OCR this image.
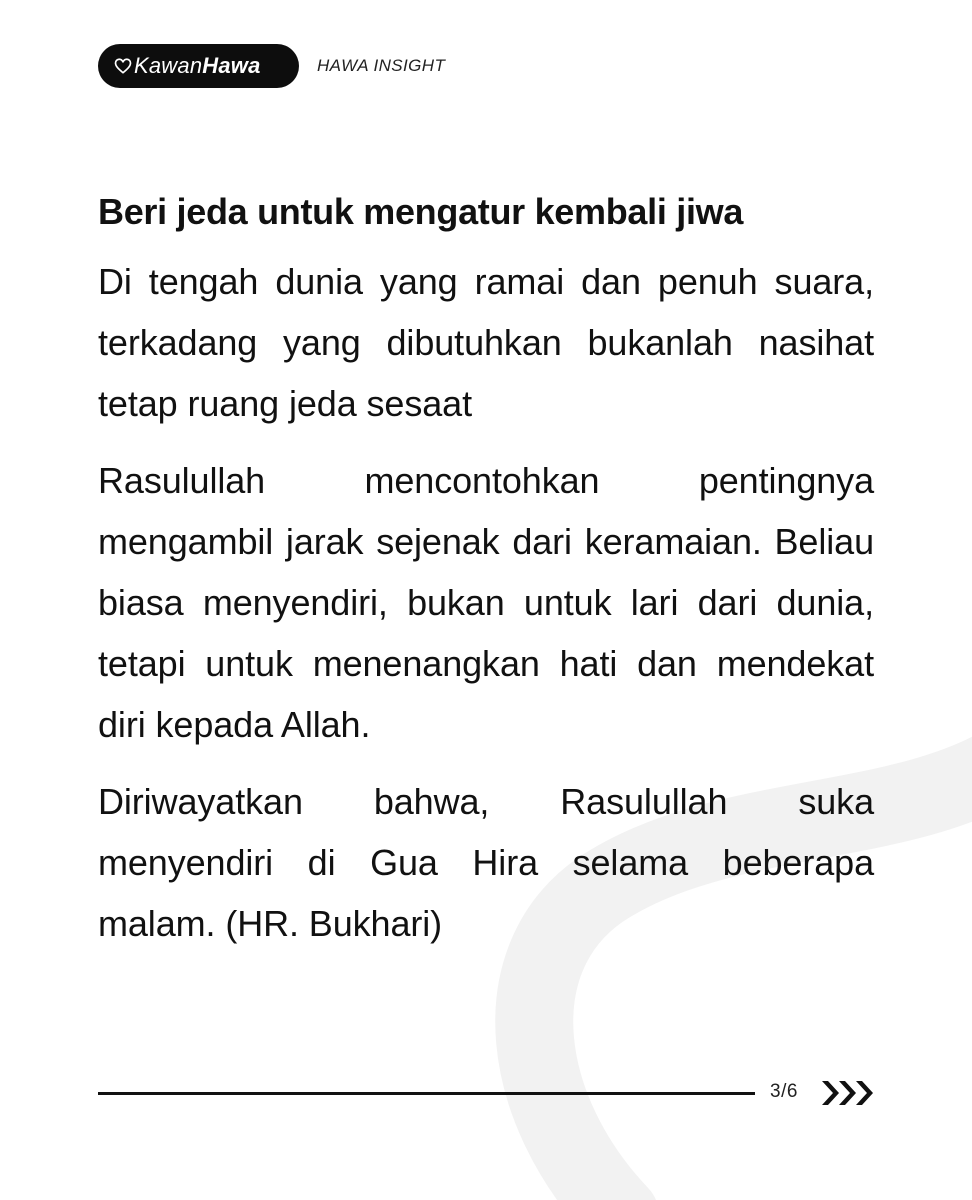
Kawan Hawa	HAWA INSIGHT
Beri jeda untuk mengatur kembali jiwa

Di tengah dunia yang ramai dan penuh suara, terkadang yang dibutuhkan bukanlah nasihat tetap ruang jeda sesaat

Rasulullah mencontohkan pentingnya mengambil jarak sejenak dari keramaian. Beliau biasa menyendiri, bukan untuk lari dari dunia, tetapi untuk menenangkan hati dan mendekat diri kepada Allah.

Diriwayatkan bahwa, Rasulullah suka menyendiri di Gua Hira selama beberapa malam. (HR. Bukhari)

3/6
